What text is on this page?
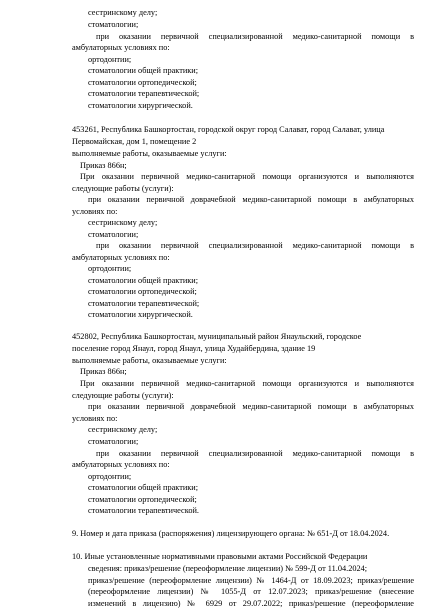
сестринскому делу;
стоматологии;
при оказании первичной специализированной медико-санитарной помощи в
амбулаторных условиях по:
ортодонтии;
стоматологии общей практики;
стоматологии ортопедической;
стоматологии терапевтической;
стоматологии хирургической.
453261, Республика Башкортостан, городской округ город Салават, город Салават, улица
Первомайская, дом 1, помещение 2
выполняемые работы, оказываемые услуги:
Приказ 866н;
При оказании первичной медико-санитарной помощи организуются и выполняются
следующие работы (услуги):
при оказании первичной доврачебной медико-санитарной помощи в амбулаторных
условиях по:
сестринскому делу;
стоматологии;
при оказании первичной специализированной медико-санитарной помощи в
амбулаторных условиях по:
ортодонтии;
стоматологии общей практики;
стоматологии ортопедической;
стоматологии терапевтической;
стоматологии хирургической.
452802, Республика Башкортостан, муниципальный район Янаульский, городское
поселение город Янаул, город Янаул, улица Худайбердина, здание 19
выполняемые работы, оказываемые услуги:
Приказ 866н;
При оказании первичной медико-санитарной помощи организуются и выполняются
следующие работы (услуги):
при оказании первичной доврачебной медико-санитарной помощи в амбулаторных
условиях по:
сестринскому делу;
стоматологии;
при оказании первичной специализированной медико-санитарной помощи в
амбулаторных условиях по:
ортодонтии;
стоматологии общей практики;
стоматологии ортопедической;
стоматологии терапевтической.
9. Номер и дата приказа (распоряжения) лицензирующего органа: № 651-Д от 18.04.2024.
10. Иные установленные нормативными правовыми актами Российской Федерации
сведения: приказ/решение (переоформление лицензии) № 599-Д от 11.04.2024;
приказ/решение (переоформление лицензии) № 1464-Д от 18.09.2023; приказ/решение
(переоформление лицензии) № 1055-Д от 12.07.2023; приказ/решение (внесение
изменений в лицензию) № 6929 от 29.07.2022; приказ/решение (переоформление
